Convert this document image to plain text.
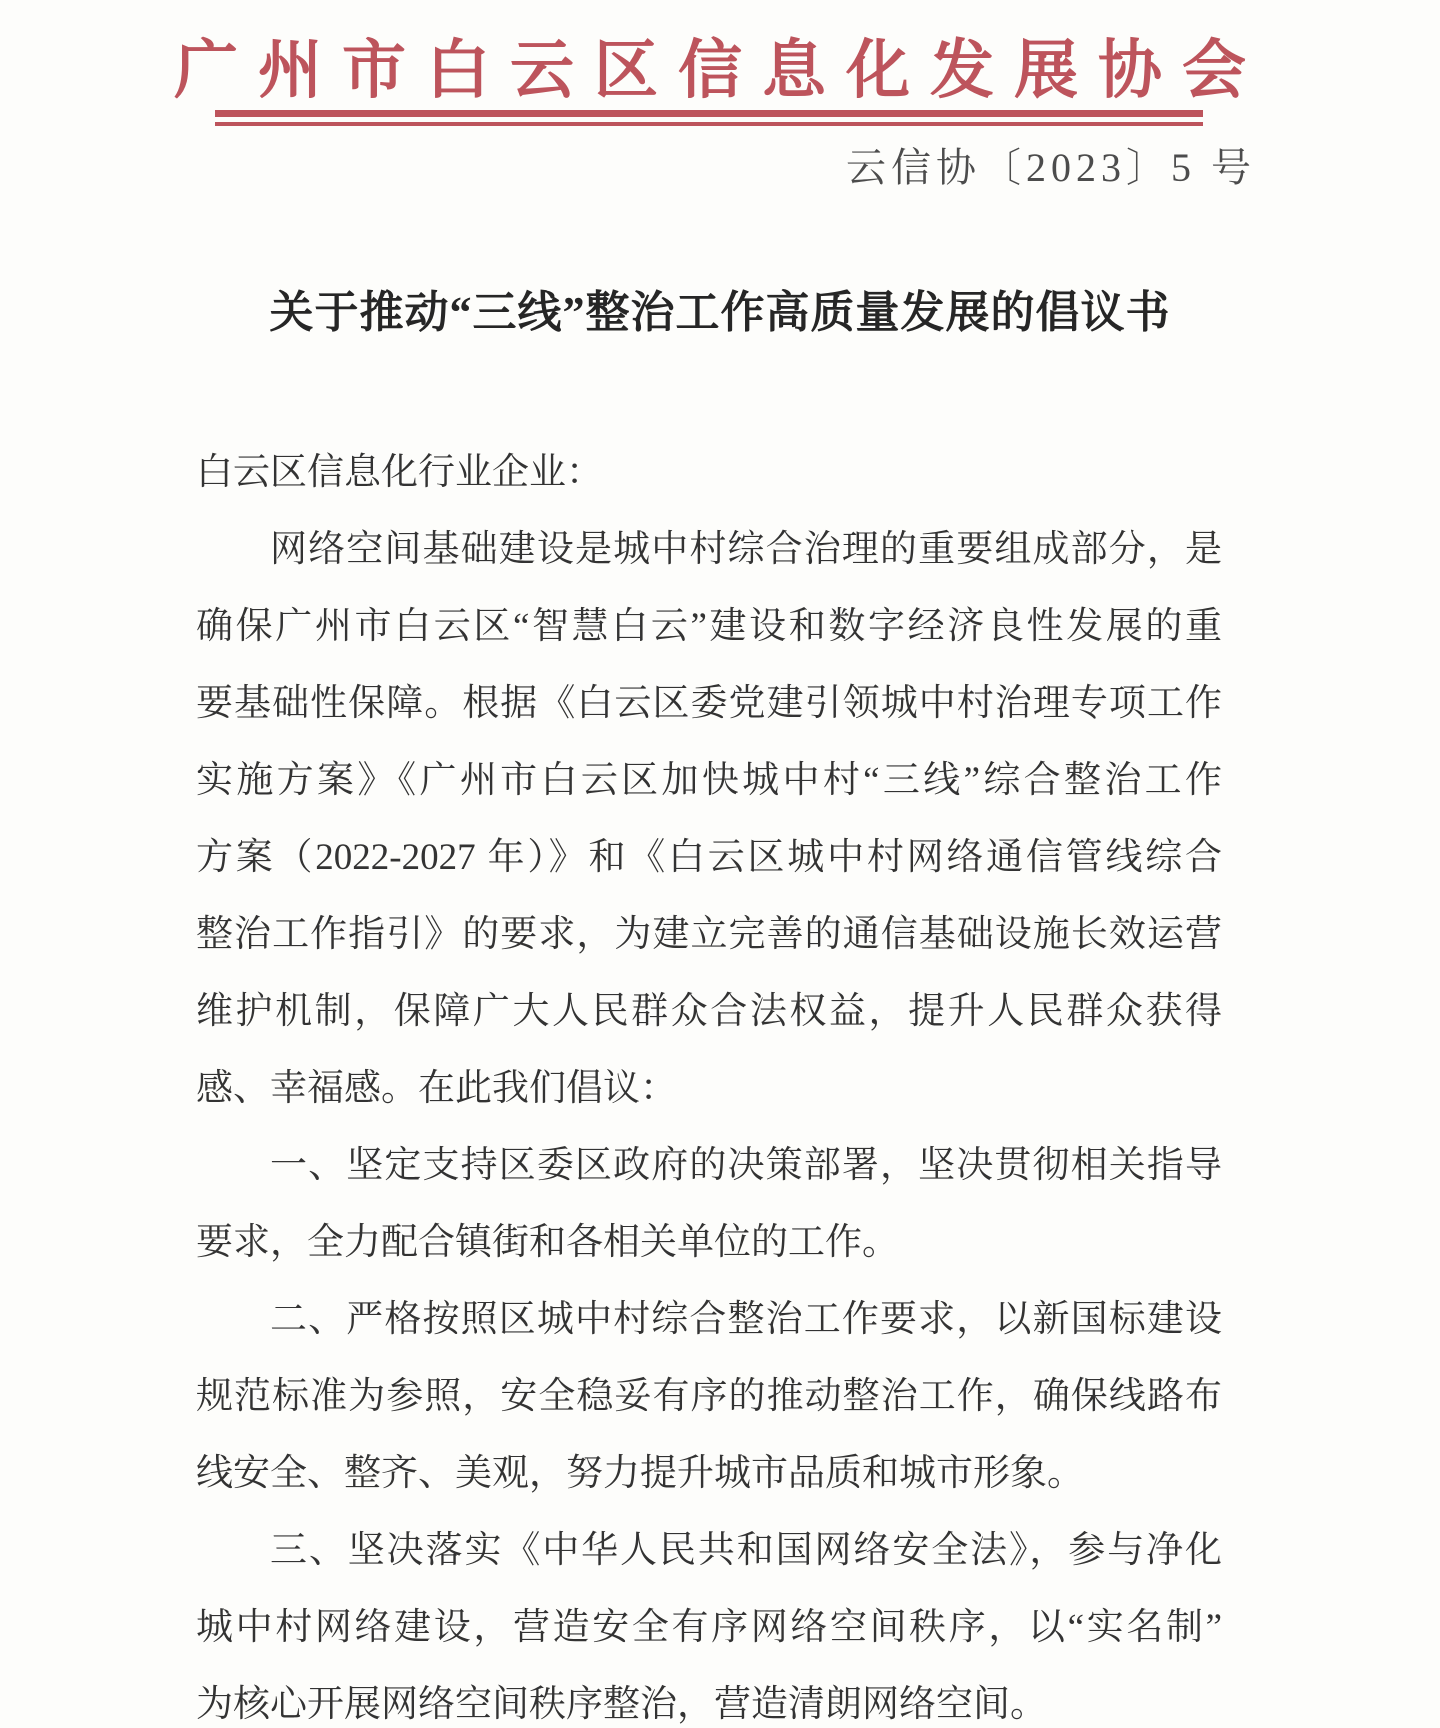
广州市白云区信息化发展协会
云信协〔2023〕5 号
关于推动“三线”整治工作高质量发展的倡议书
白云区信息化行业企业：
网络空间基础建设是城中村综合治理的重要组成部分，是
确保广州市白云区“智慧白云”建设和数字经济良性发展的重
要基础性保障。根据《白云区委党建引领城中村治理专项工作
实施方案》《广州市白云区加快城中村“三线”综合整治工作
方案（2022-2027 年）》和《白云区城中村网络通信管线综合
整治工作指引》的要求，为建立完善的通信基础设施长效运营
维护机制，保障广大人民群众合法权益，提升人民群众获得
感、幸福感。在此我们倡议：
一、坚定支持区委区政府的决策部署，坚决贯彻相关指导
要求，全力配合镇街和各相关单位的工作。
二、严格按照区城中村综合整治工作要求，以新国标建设
规范标准为参照，安全稳妥有序的推动整治工作，确保线路布
线安全、整齐、美观，努力提升城市品质和城市形象。
三、坚决落实《中华人民共和国网络安全法》，参与净化
城中村网络建设，营造安全有序网络空间秩序，以“实名制”
为核心开展网络空间秩序整治，营造清朗网络空间。
